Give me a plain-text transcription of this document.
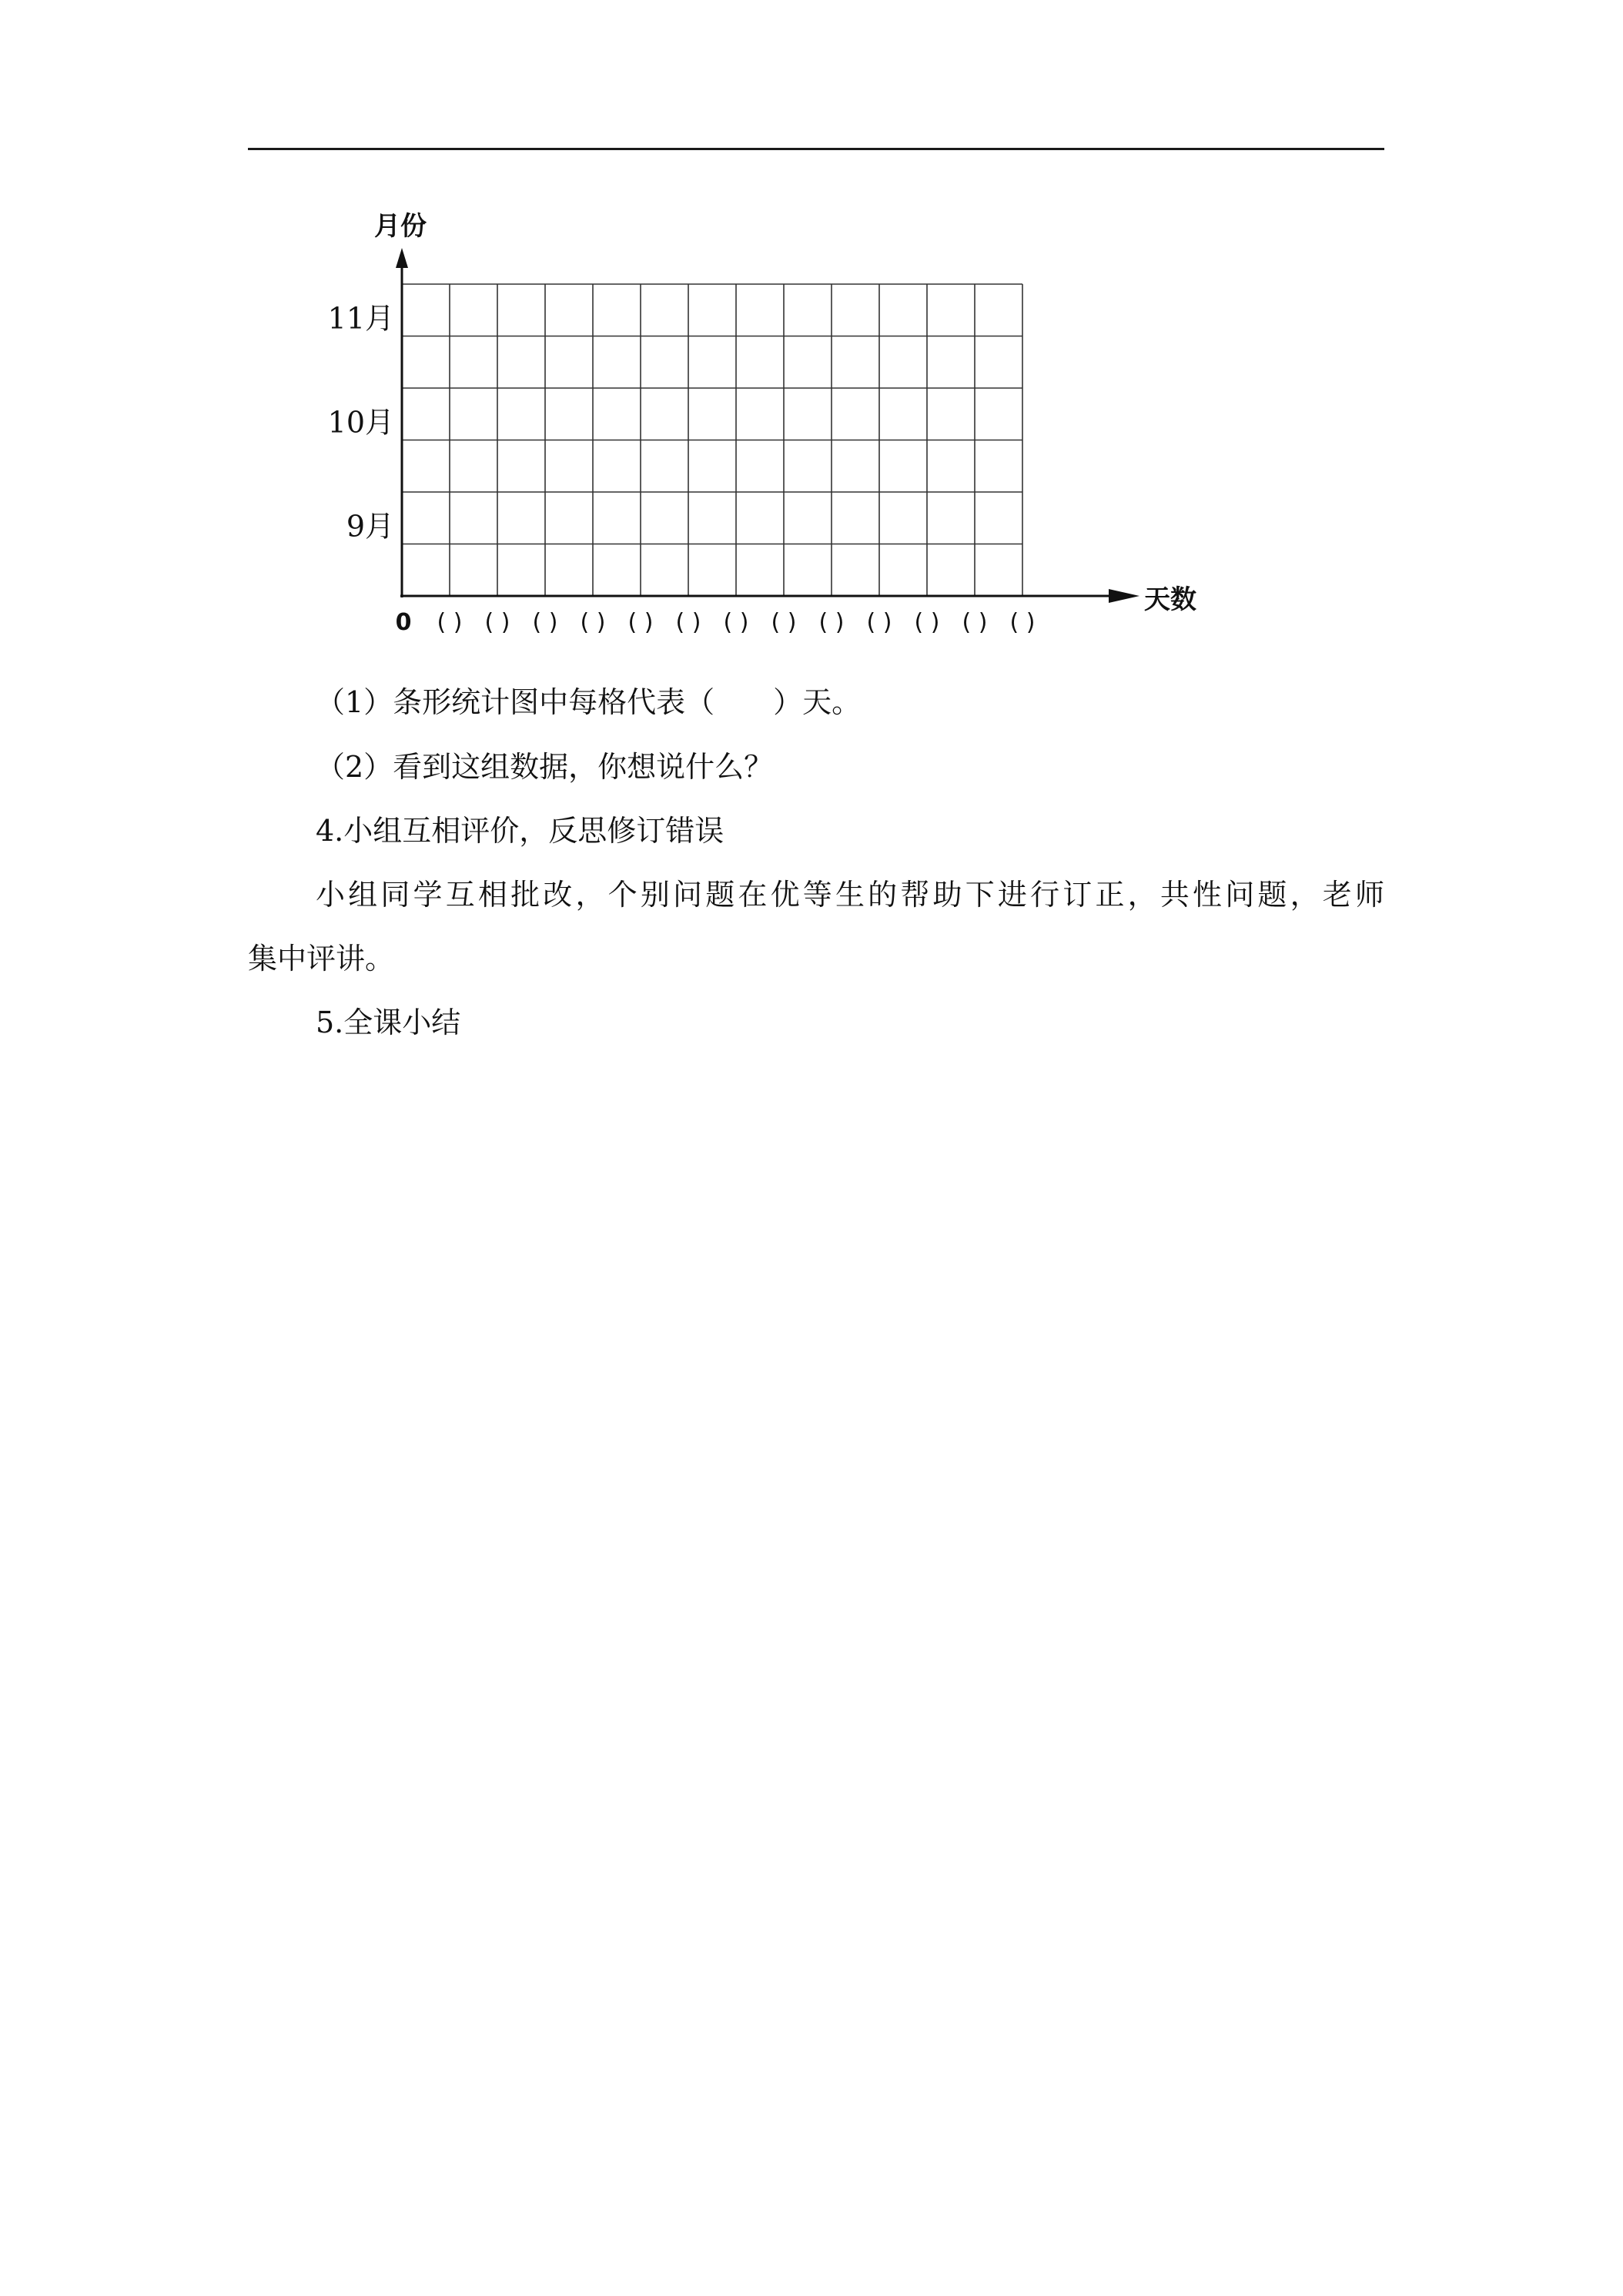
月份
天数
9月
10月
11月
0 ( ) ( ) ( ) ( ) ( ) ( ) ( ) ( ) ( ) ( ) ( ) ( ) ( )

（1）条形统计图中每格代表（　　）天。

（2）看到这组数据，你想说什么？

4.小组互相评价，反思修订错误

小组同学互相批改，个别问题在优等生的帮助下进行订正，共性问题，老师

集中评讲。

5.全课小结
